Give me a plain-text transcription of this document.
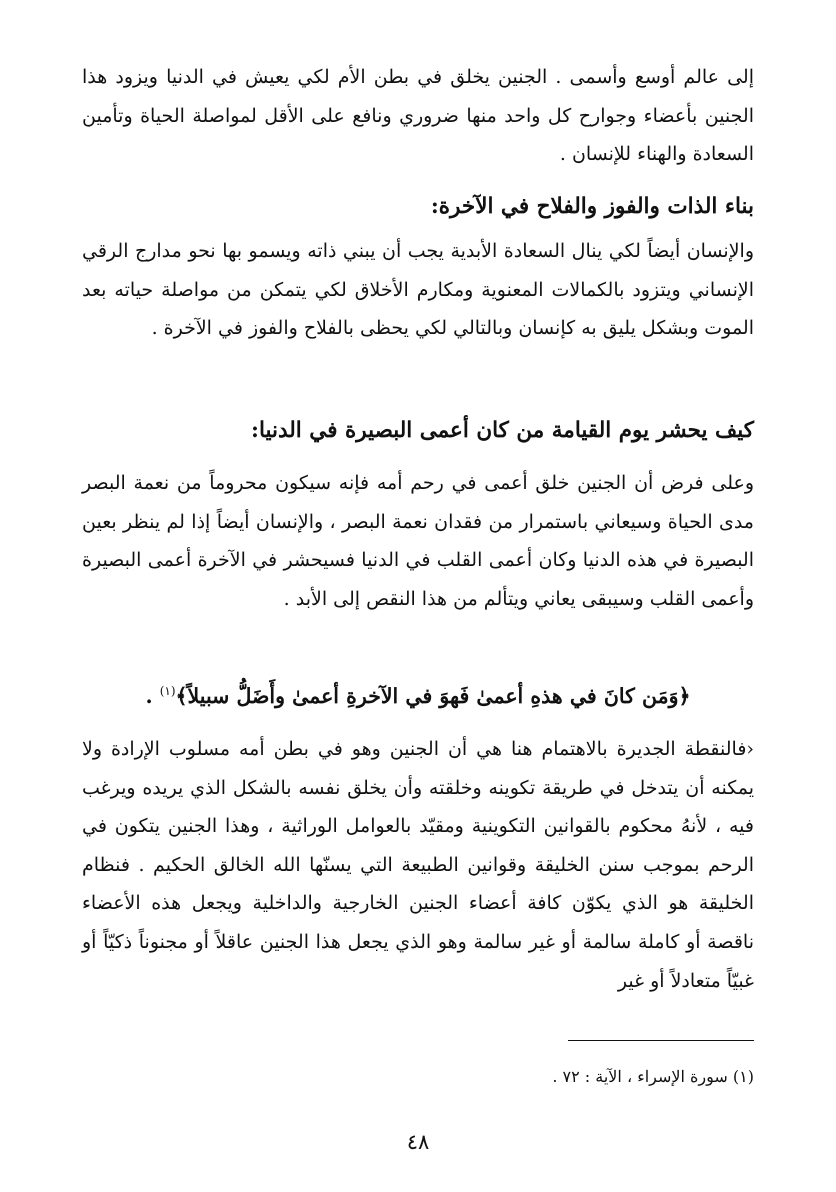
إلى عالم أوسع وأسمى . الجنين يخلق في بطن الأم لكي يعيش في الدنيا ويزود هذا الجنين بأعضاء وجوارح كل واحد منها ضروري ونافع على الأقل لمواصلة الحياة وتأمين السعادة والهناء للإنسان .

بناء الذات والفوز والفلاح في الآخرة:

والإنسان أيضاً لكي ينال السعادة الأبدية يجب أن يبني ذاته ويسمو بها نحو مدارج الرقي الإنساني ويتزود بالكمالات المعنوية ومكارم الأخلاق لكي يتمكن من مواصلة حياته بعد الموت وبشكل يليق به كإنسان وبالتالي لكي يحظى بالفلاح والفوز في الآخرة .

كيف يحشر يوم القيامة من كان أعمى البصيرة في الدنيا:

وعلى فرض أن الجنين خلق أعمى في رحم أمه فإنه سيكون محروماً من نعمة البصر مدى الحياة وسيعاني باستمرار من فقدان نعمة البصر ، والإنسان أيضاً إذا لم ينظر بعين البصيرة في هذه الدنيا وكان أعمى القلب في الدنيا فسيحشر في الآخرة أعمى البصيرة وأعمى القلب وسيبقى يعاني ويتألم من هذا النقص إلى الأبد .

﴿وَمَن كانَ في هذهِ أعمىٰ فَهوَ في الآخرةِ أعمىٰ وأَضَلُّ سبيلاً﴾$^{(١)}$ .

‹فالنقطة الجديرة بالاهتمام هنا هي أن الجنين وهو في بطن أمه مسلوب الإرادة ولا يمكنه أن يتدخل في طريقة تكوينه وخلقته وأن يخلق نفسه بالشكل الذي يريده ويرغب فيه ، لأنهُ محكوم بالقوانين التكوينية ومقيّد بالعوامل الوراثية ، وهذا الجنين يتكون في الرحم بموجب سنن الخليقة وقوانين الطبيعة التي يسنّها الله الخالق الحكيم . فنظام الخليقة هو الذي يكوّن كافة أعضاء الجنين الخارجية والداخلية ويجعل هذه الأعضاء ناقصة أو كاملة سالمة أو غير سالمة وهو الذي يجعل هذا الجنين عاقلاً أو مجنوناً ذكيّاً أو غبيّاً متعادلاً أو غير

(١) سورة الإسراء ، الآية : ٧٢ .

٤٨
